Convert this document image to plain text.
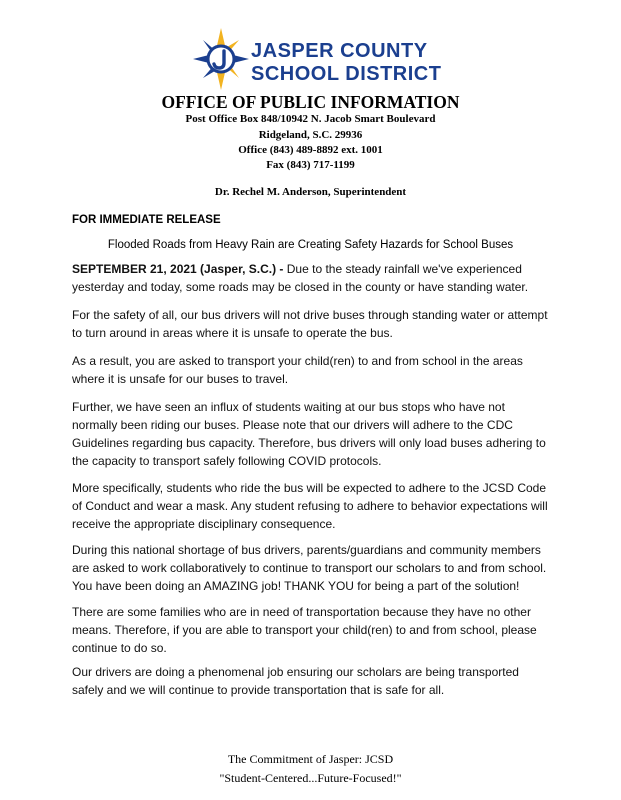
JASPER COUNTY
SCHOOL DISTRICT
OFFICE OF PUBLIC INFORMATION
Post Office Box 848/10942 N. Jacob Smart Boulevard
Ridgeland, S.C. 29936
Office (843) 489-8892 ext. 1001
Fax (843) 717-1199
Dr. Rechel M. Anderson, Superintendent
FOR IMMEDIATE RELEASE
Flooded Roads from Heavy Rain are Creating Safety Hazards for School Buses
SEPTEMBER 21, 2021 (Jasper, S.C.) - Due to the steady rainfall we've experienced yesterday and today, some roads may be closed in the county or have standing water.
For the safety of all, our bus drivers will not drive buses through standing water or attempt to turn around in areas where it is unsafe to operate the bus.
As a result, you are asked to transport your child(ren) to and from school in the areas where it is unsafe for our buses to travel.
Further, we have seen an influx of students waiting at our bus stops who have not normally been riding our buses. Please note that our drivers will adhere to the CDC Guidelines regarding bus capacity. Therefore, bus drivers will only load buses adhering to the capacity to transport safely following COVID protocols.
More specifically, students who ride the bus will be expected to adhere to the JCSD Code of Conduct and wear a mask. Any student refusing to adhere to behavior expectations will receive the appropriate disciplinary consequence.
During this national shortage of bus drivers, parents/guardians and community members are asked to work collaboratively to continue to transport our scholars to and from school. You have been doing an AMAZING job! THANK YOU for being a part of the solution!
There are some families who are in need of transportation because they have no other means. Therefore, if you are able to transport your child(ren) to and from school, please continue to do so.
Our drivers are doing a phenomenal job ensuring our scholars are being transported safely and we will continue to provide transportation that is safe for all.
The Commitment of Jasper: JCSD
"Student-Centered...Future-Focused!"
